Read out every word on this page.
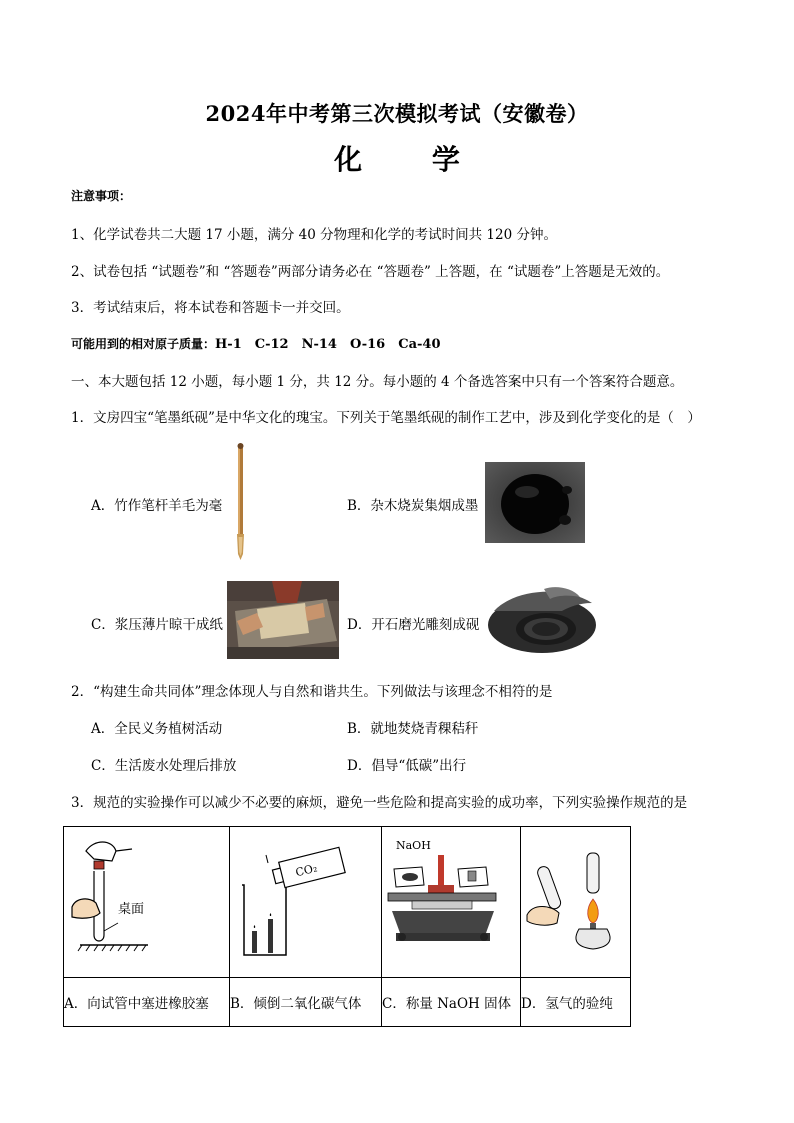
2024年中考第三次模拟考试（安徽卷）
化 学
注意事项：
1、化学试卷共二大题 17 小题，满分 40 分物理和化学的考试时间共 120 分钟。
2、试卷包括 “试题卷”和 “答题卷”两部分请务必在 “答题卷” 上答题，在 “试题卷”上答题是无效的。
3．考试结束后，将本试卷和答题卡一并交回。
可能用到的相对原子质量：H-1　C-12　N-14　O-16　Ca-40
一、本大题包括 12 小题，每小题 1 分，共 12 分。每小题的 4 个备选答案中只有一个答案符合题意。
1．文房四宝“笔墨纸砚”是中华文化的瑰宝。下列关于笔墨纸砚的制作工艺中，涉及到化学变化的是（　）
A．竹作笔杆羊毛为毫	B．杂木烧炭集烟成墨
C．浆压薄片晾干成纸	D．开石磨光雕刻成砚
2．“构建生命共同体”理念体现人与自然和谐共生。下列做法与该理念不相符的是
A．全民义务植树活动	B．就地焚烧青稞秸秆
C．生活废水处理后排放	D．倡导“低碳”出行
3．规范的实验操作可以减少不必要的麻烦，避免一些危险和提高实验的成功率，下列实验操作规范的是
桌面	CO₂	NaOH

A．向试管中塞进橡胶塞	B．倾倒二氧化碳气体	C．称量 NaOH 固体	D．氢气的验纯
